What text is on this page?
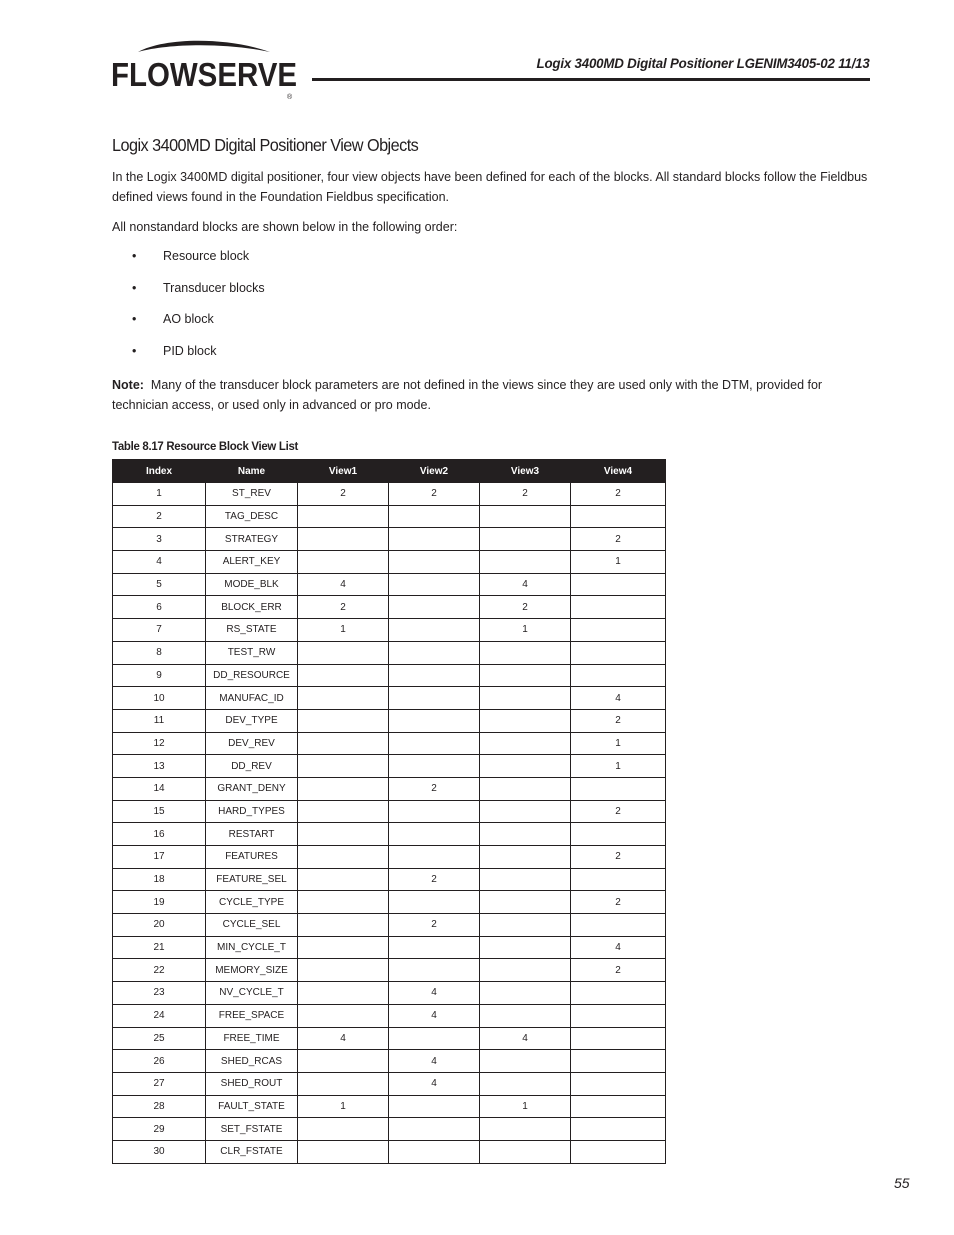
FLOWSERVE
®
Logix 3400MD Digital Positioner LGENIM3405-02 11/13
Logix 3400MD Digital Positioner View Objects
In the Logix 3400MD digital positioner, four view objects have been defined for each of the blocks. All standard blocks follow the Fieldbus defined views found in the Foundation Fieldbus specification.
All nonstandard blocks are shown below in the following order:
•	Resource block
•	Transducer blocks
•	AO block
•	PID block
Note: Many of the transducer block parameters are not defined in the views since they are used only with the DTM, provided for technician access, or used only in advanced or pro mode.
Table 8.17 Resource Block View List
Index	Name	View1	View2	View3	View4
1	ST_REV	2	2	2	2
2	TAG_DESC				
3	STRATEGY				2
4	ALERT_KEY				1
5	MODE_BLK	4		4	
6	BLOCK_ERR	2		2	
7	RS_STATE	1		1	
8	TEST_RW				
9	DD_RESOURCE				
10	MANUFAC_ID				4
11	DEV_TYPE				2
12	DEV_REV				1
13	DD_REV				1
14	GRANT_DENY		2		
15	HARD_TYPES				2
16	RESTART				
17	FEATURES				2
18	FEATURE_SEL		2		
19	CYCLE_TYPE				2
20	CYCLE_SEL		2		
21	MIN_CYCLE_T				4
22	MEMORY_SIZE				2
23	NV_CYCLE_T		4		
24	FREE_SPACE		4		
25	FREE_TIME	4		4	
26	SHED_RCAS		4		
27	SHED_ROUT		4		
28	FAULT_STATE	1		1	
29	SET_FSTATE				
30	CLR_FSTATE				
55
